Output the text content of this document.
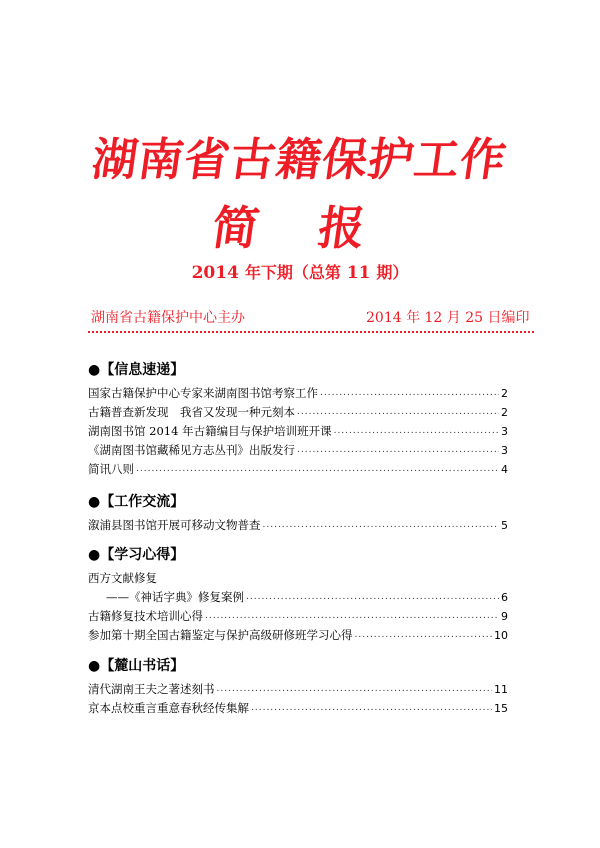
湖南省古籍保护工作
简 报
2014 年下期（总第 11 期）
湖南省古籍保护中心主办	2014 年 12 月 25 日编印
●【信息速递】
国家古籍保护中心专家来湖南图书馆考察工作 .....	2
古籍普查新发现　我省又发现一种元刻本 .....	2
湖南图书馆 2014 年古籍编目与保护培训班开课 .....	3
《湖南图书馆藏稀见方志丛刊》出版发行 .....	3
简讯八则 .....	4
●【工作交流】
溆浦县图书馆开展可移动文物普查 .....	5
●【学习心得】
西方文献修复
——《神话字典》修复案例 .....	6
古籍修复技术培训心得 .....	9
参加第十期全国古籍鉴定与保护高级研修班学习心得 .....	10
●【麓山书话】
清代湖南王夫之著述刻书 .....	11
京本点校重言重意春秋经传集解 .....	15
